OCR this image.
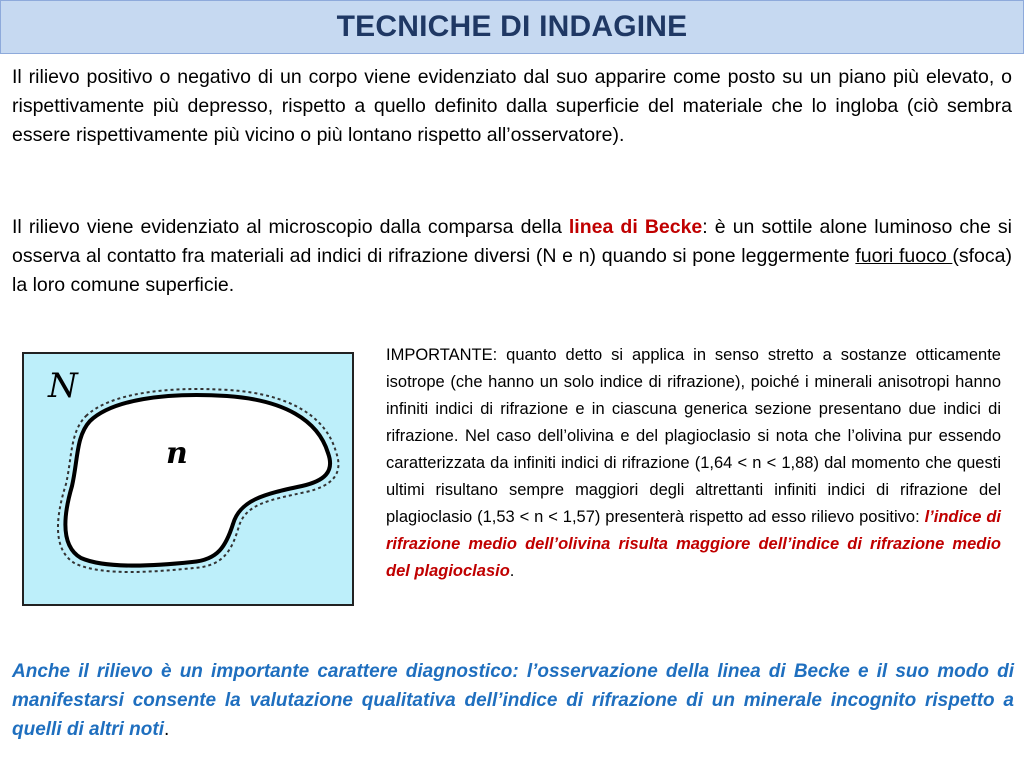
TECNICHE DI INDAGINE

Il rilievo positivo o negativo di un corpo viene evidenziato dal suo apparire come posto su un piano più elevato, o rispettivamente più depresso, rispetto a quello definito dalla superficie del materiale che lo ingloba (ciò sembra essere rispettivamente più vicino o più lontano rispetto all’osservatore).

Il rilievo viene evidenziato al microscopio dalla comparsa della linea di Becke: è un sottile alone luminoso che si osserva al contatto fra materiali ad indici di rifrazione diversi (N e n) quando si pone leggermente fuori fuoco (sfoca) la loro comune superficie.

N
n

IMPORTANTE: quanto detto si applica in senso stretto a sostanze otticamente isotrope (che hanno un solo indice di rifrazione), poiché i minerali anisotropi hanno infiniti indici di rifrazione e in ciascuna generica sezione presentano due indici di rifrazione. Nel caso dell’olivina e del plagioclasio si nota che l’olivina pur essendo caratterizzata da infiniti indici di rifrazione (1,64 < n < 1,88) dal momento che questi ultimi risultano sempre maggiori degli altrettanti infiniti indici di rifrazione del plagioclasio (1,53 < n < 1,57) presenterà rispetto ad esso rilievo positivo: l’indice di rifrazione medio dell’olivina risulta maggiore dell’indice di rifrazione medio del plagioclasio.

Anche il rilievo è un importante carattere diagnostico: l’osservazione della linea di Becke e il suo modo di manifestarsi consente la valutazione qualitativa dell’indice di rifrazione di un minerale incognito rispetto a quelli di altri noti.
